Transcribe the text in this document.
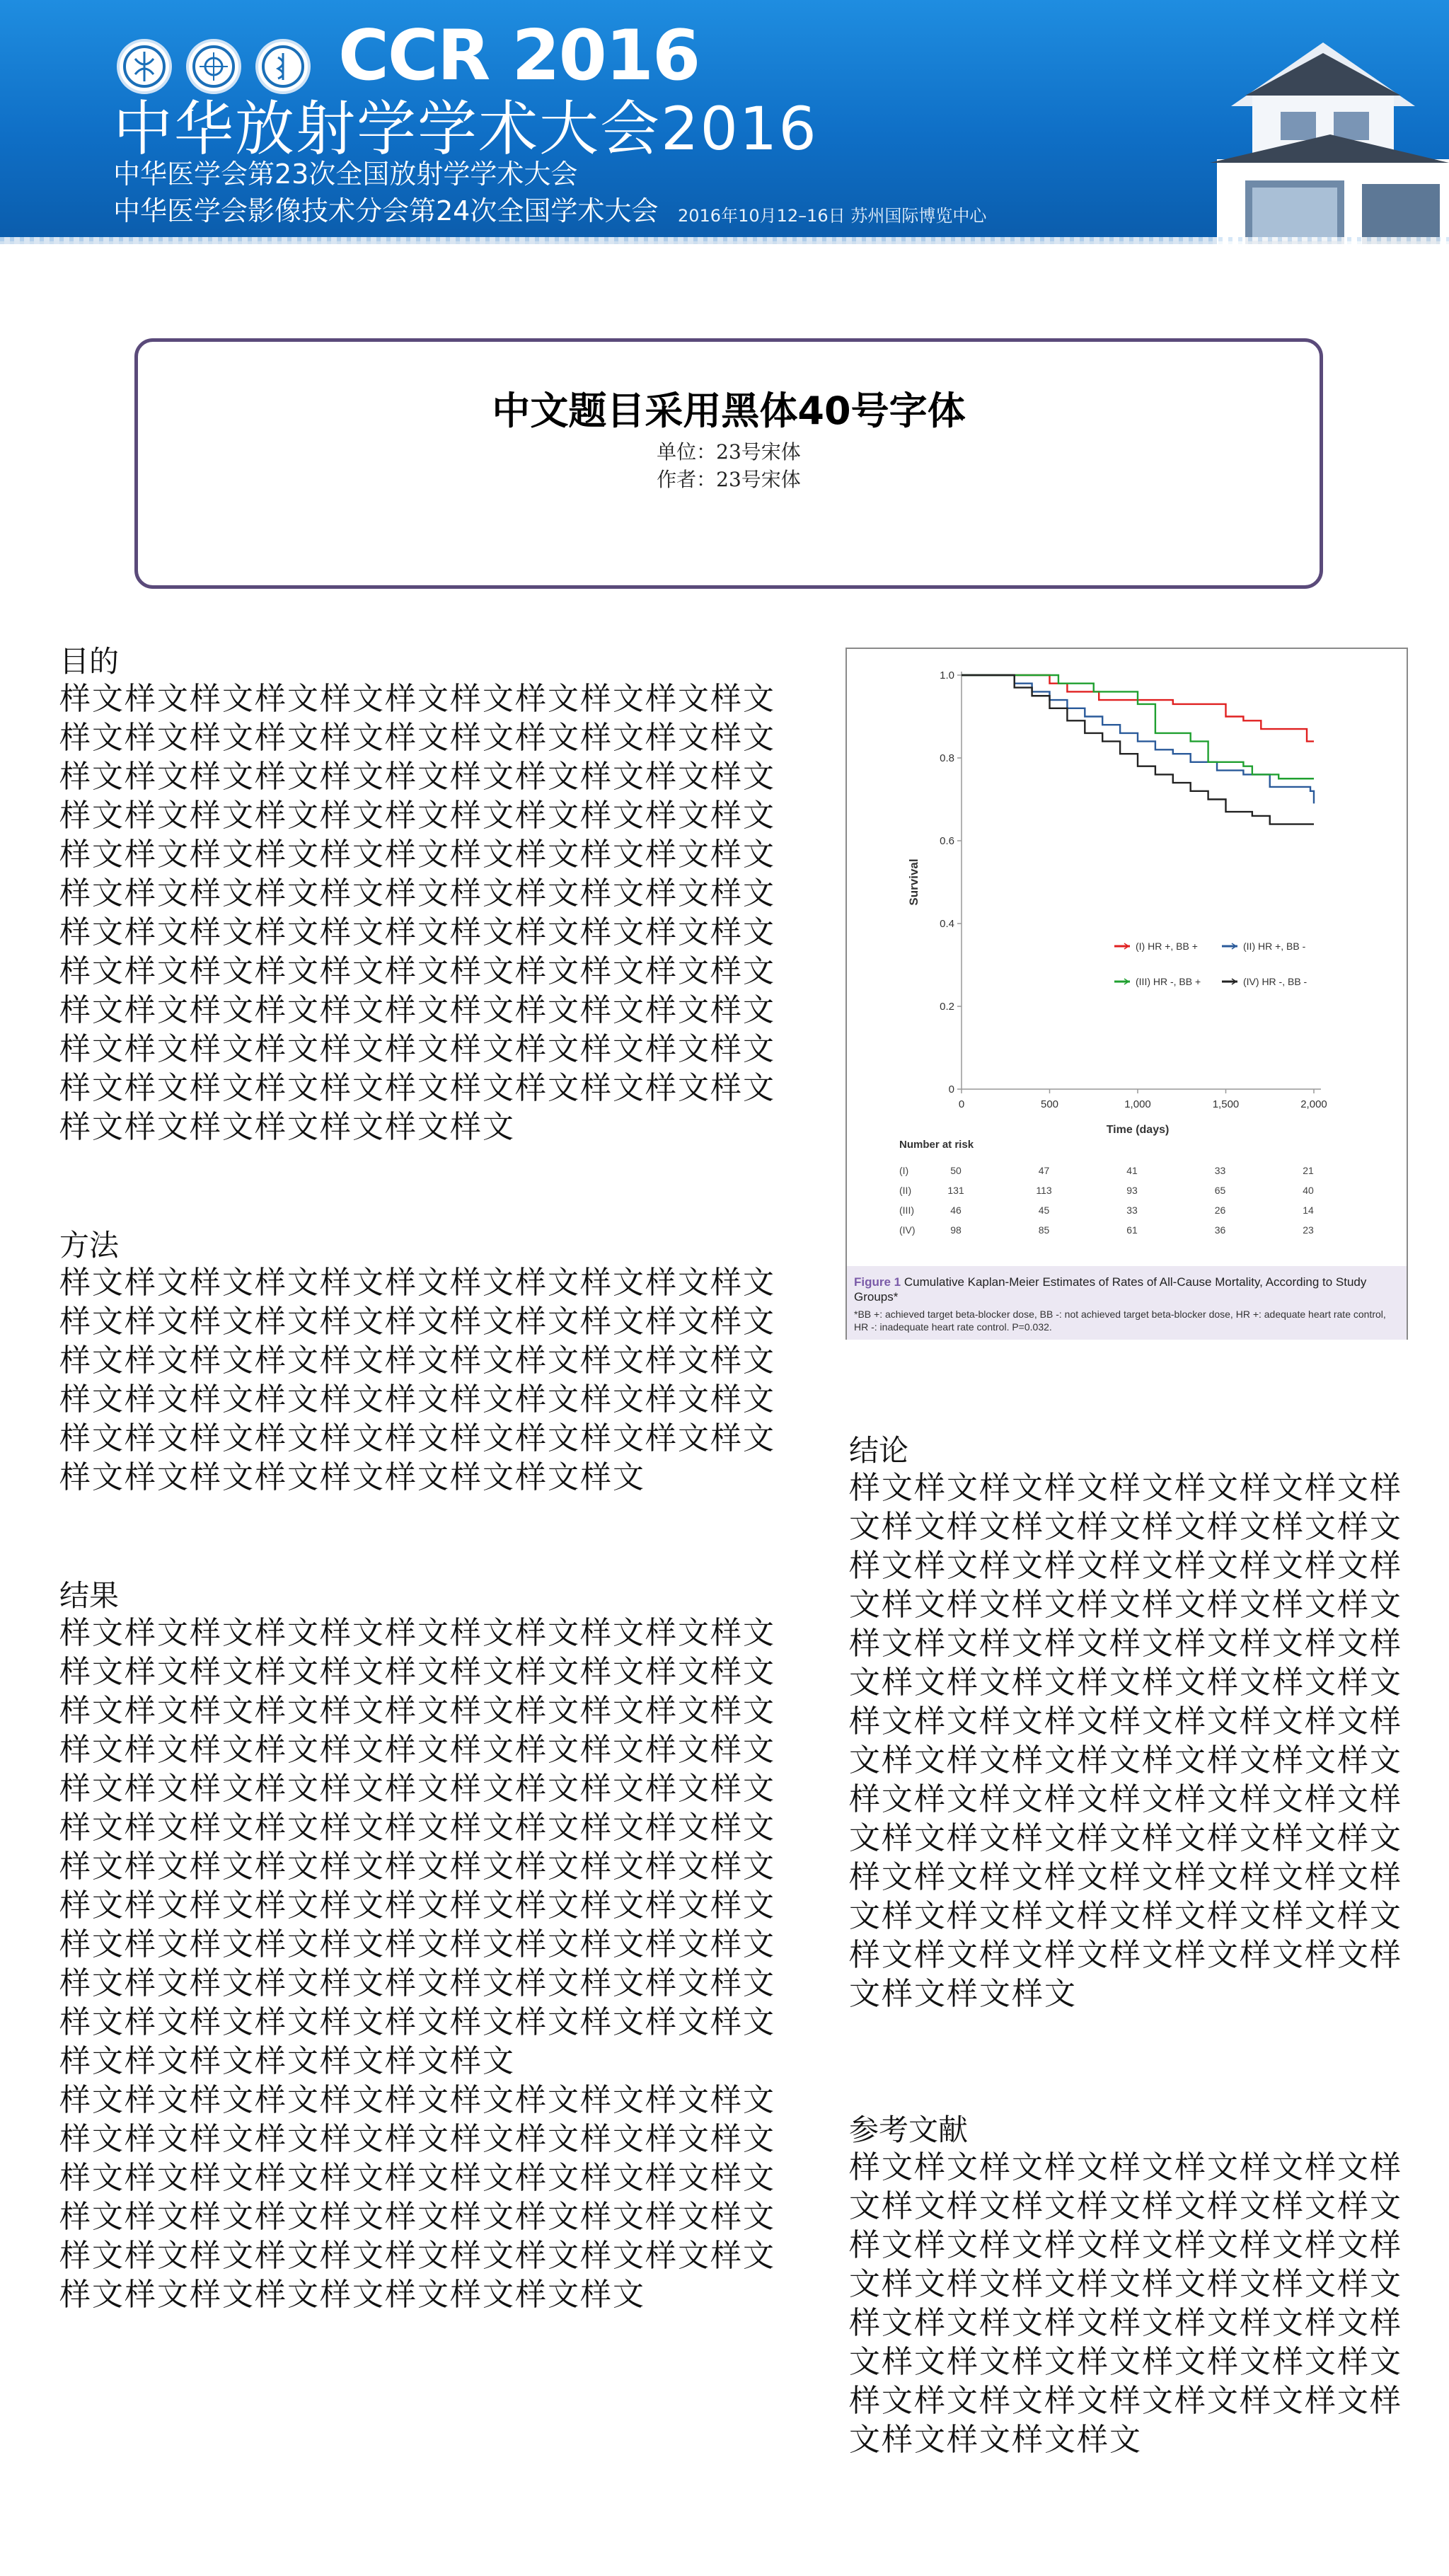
CCR 2016
中华放射学学术大会2016
中华医学会第23次全国放射学学术大会
中华医学会影像技术分会第24次全国学术大会 2016年10月12–16日 苏州国际博览中心
中文题目采用黑体40号字体
单位：23号宋体
作者：23号宋体
目的

样文样文样文样文样文样文样文样文样文样文样文样文样文样文样文样文样文样文样文样文样文样文样文样文样文样文样文样文样文样文样文样文样文样文样文样文样文样文样文样文样文样文样文样文样文样文样文样文样文样文样文样文样文样文样文样文样文样文样文样文样文样文样文样文样文样文样文样文样文样文样文样文样文样文样文样文样文样文样文样文样文样文样文样文样文样文样文样文样文样文样文样文样文样文样文样文样文样文样文样文样文样文样文样文样文样文样文样文样文样文样文样文样文样文样文样文样文样文样文样文样文样文样文样文样文样文样文样文

方法

样文样文样文样文样文样文样文样文样文样文样文样文样文样文样文样文样文样文样文样文样文样文样文样文样文样文样文样文样文样文样文样文样文样文样文样文样文样文样文样文样文样文样文样文样文样文样文样文样文样文样文样文样文样文样文样文样文样文样文样文样文样文样文样文

结果

样文样文样文样文样文样文样文样文样文样文样文样文样文样文样文样文样文样文样文样文样文样文样文样文样文样文样文样文样文样文样文样文样文样文样文样文样文样文样文样文样文样文样文样文样文样文样文样文样文样文样文样文样文样文样文样文样文样文样文样文样文样文样文样文样文样文样文样文样文样文样文样文样文样文样文样文样文样文样文样文样文样文样文样文样文样文样文样文样文样文样文样文样文样文样文样文样文样文样文样文样文样文样文样文样文样文样文样文样文样文样文样文样文样文样文样文样文样文样文样文样文样文样文样文样文样文样文样文

样文样文样文样文样文样文样文样文样文样文样文样文样文样文样文样文样文样文样文样文样文样文样文样文样文样文样文样文样文样文样文样文样文样文样文样文样文样文样文样文样文样文样文样文样文样文样文样文样文样文样文样文样文样文样文样文样文样文样文样文样文样文样文样文

0
0.2
0.4
0.6
0.8
1.0
0	500	1,000	1,500	2,000
Time (days)
Survival
(I) HR +, BB +	(II) HR +, BB -
(III) HR -, BB +	(IV) HR -, BB -
Number at risk
(I)	50	47	41	33	21
(II)	131	113	93	65	40
(III)	46	45	33	26	14
(IV)	98	85	61	36	23
Figure 1 Cumulative Kaplan-Meier Estimates of Rates of All-Cause Mortality, According to Study Groups*
*BB +: achieved target beta-blocker dose, BB -: not achieved target beta-blocker dose, HR +: adequate heart rate control, HR -: inadequate heart rate control. P=0.032.
结论

样文样文样文样文样文样文样文样文样文样文样文样文样文样文样文样文样文样文样文样文样文样文样文样文样文样文样文样文样文样文样文样文样文样文样文样文样文样文样文样文样文样文样文样文样文样文样文样文样文样文样文样文样文样文样文样文样文样文样文样文样文样文样文样文样文样文样文样文样文样文样文样文样文样文样文样文样文样文样文样文样文样文样文样文样文样文样文样文样文样文样文样文样文样文样文样文样文样文样文样文样文样文样文样文样文样文样文样文样文样文样文样文样文样文

参考文献

样文样文样文样文样文样文样文样文样文样文样文样文样文样文样文样文样文样文样文样文样文样文样文样文样文样文样文样文样文样文样文样文样文样文样文样文样文样文样文样文样文样文样文样文样文样文样文样文样文样文样文样文样文样文样文样文样文样文样文样文样文样文样文样文
